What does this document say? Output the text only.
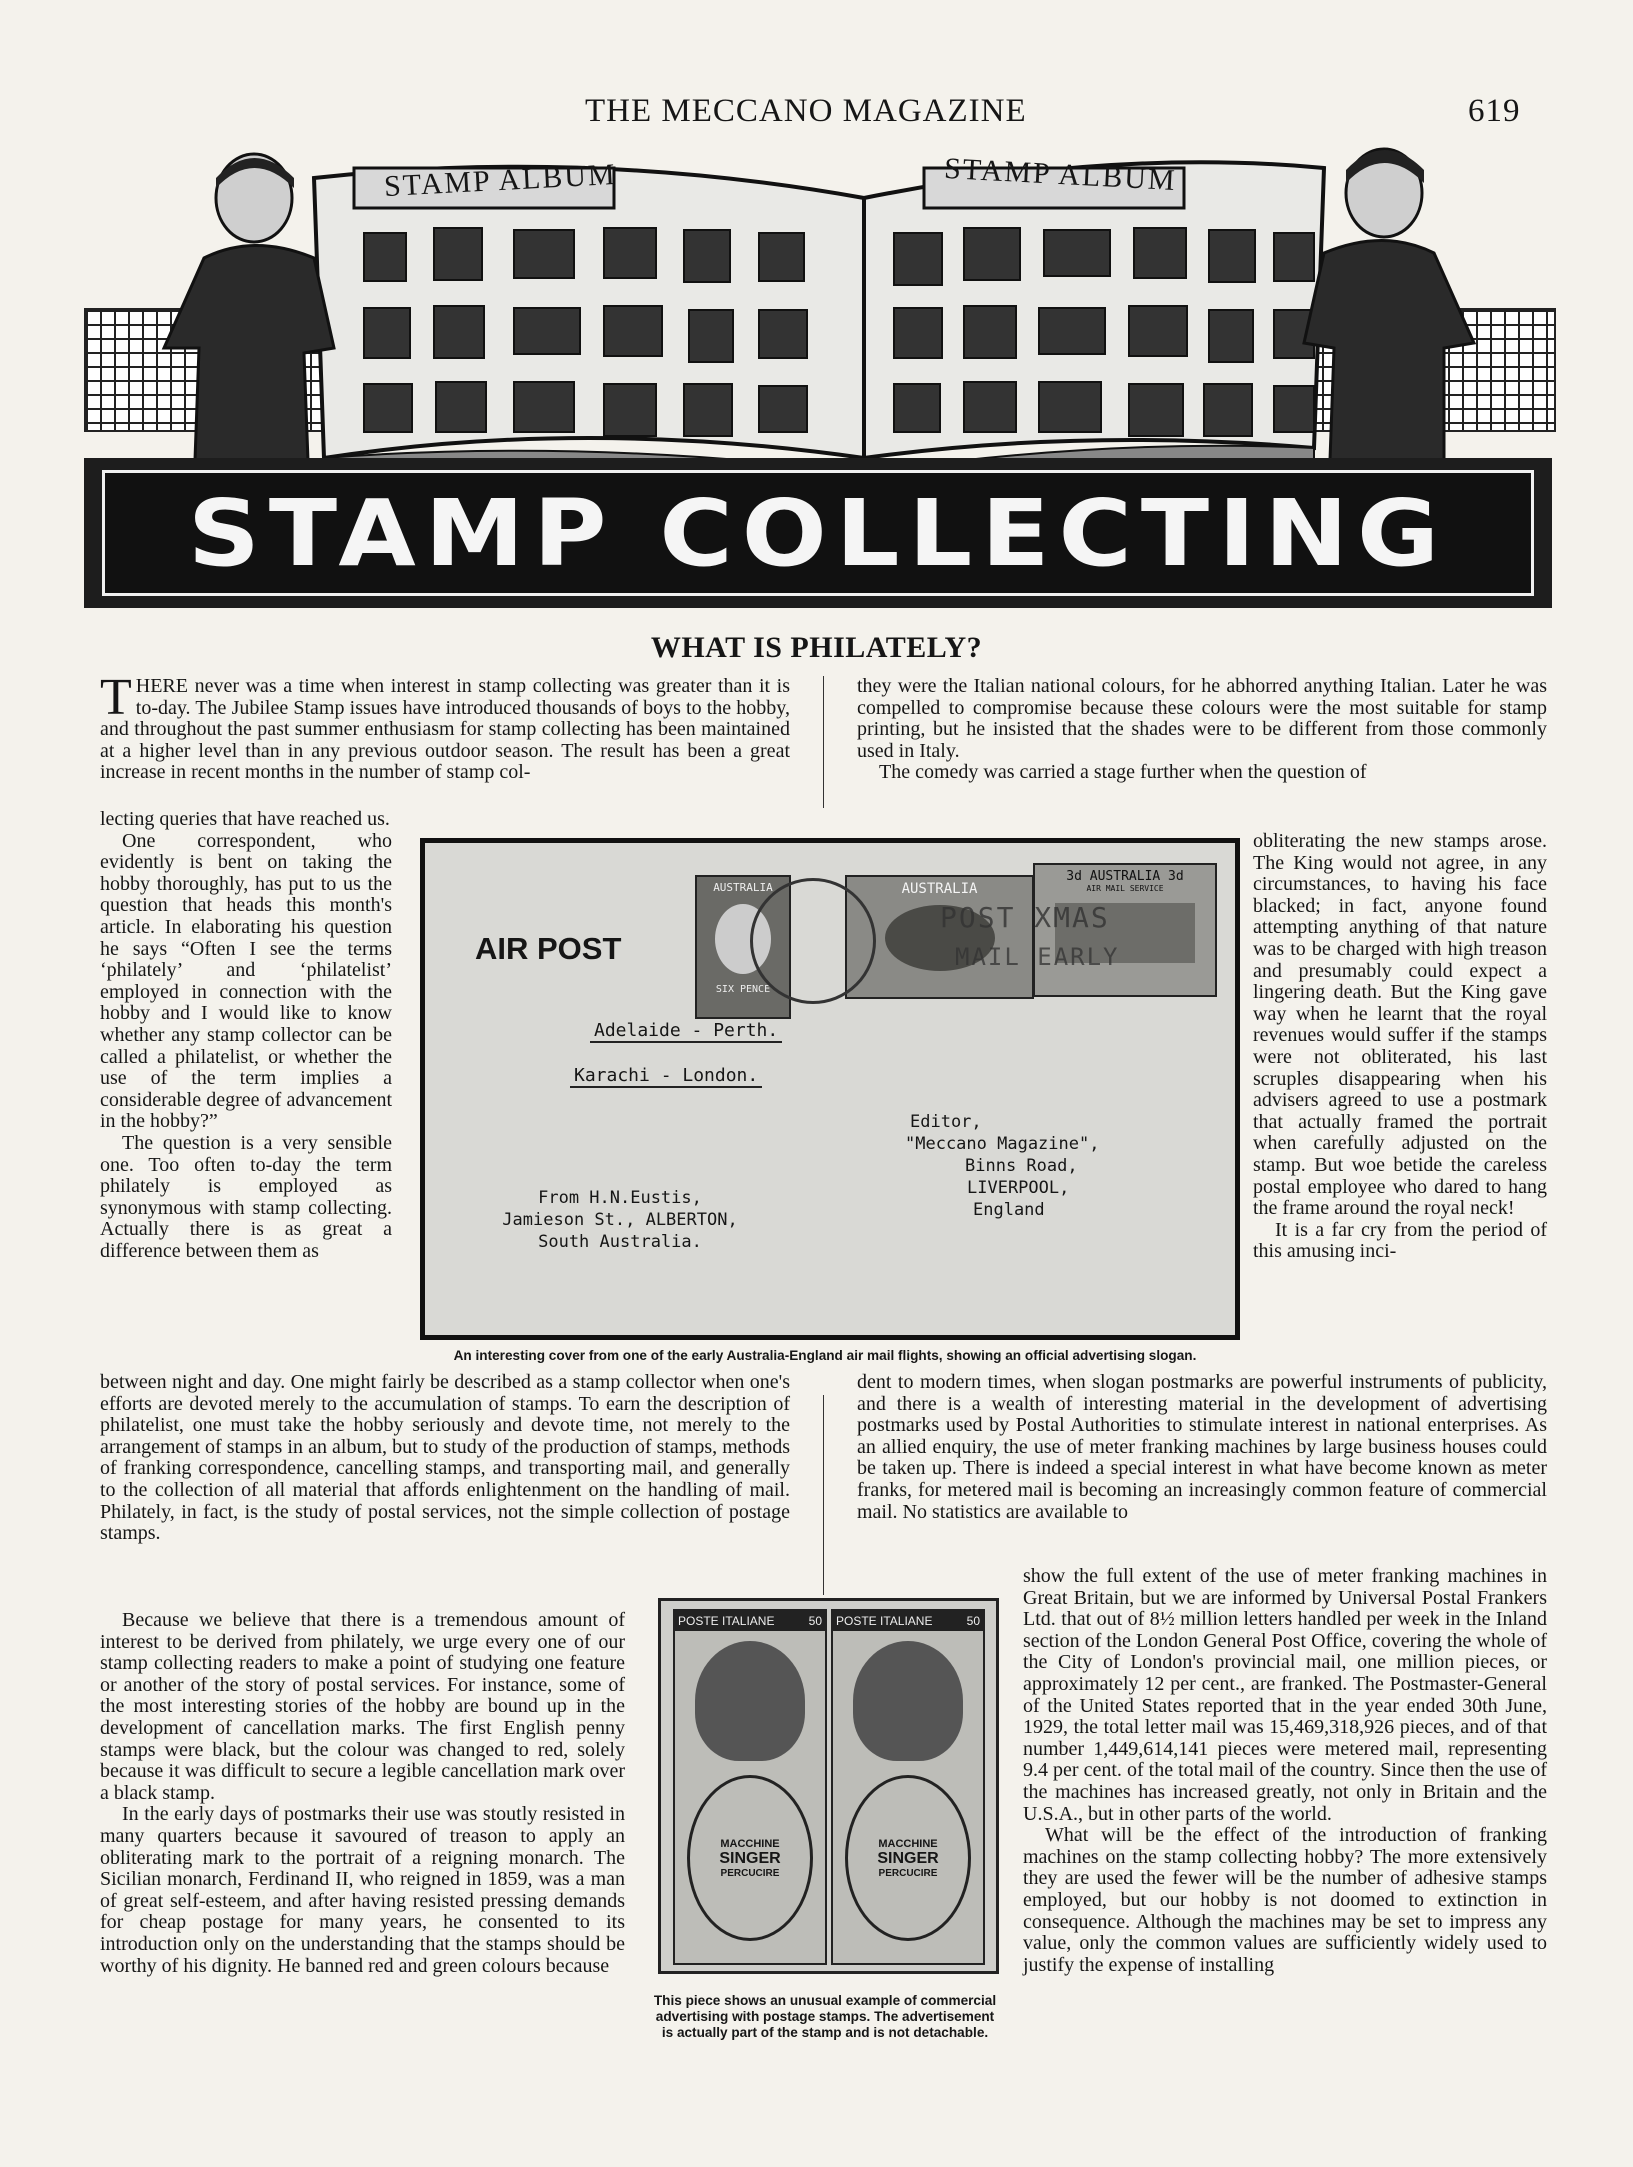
THE MECCANO MAGAZINE	619
STAMP ALBUM	STAMP ALBUM
STAMP COLLECTING
WHAT IS PHILATELY?

THERE never was a time when interest in stamp collecting was greater than it is to-day. The Jubilee Stamp issues have introduced thousands of boys to the hobby, and throughout the past summer enthusiasm for stamp collecting has been maintained at a higher level than in any previous outdoor season. The result has been a great increase in recent months in the number of stamp col-

lecting queries that have reached us.

One correspondent, who evidently is bent on taking the hobby thoroughly, has put to us the question that heads this month's article. In elaborating his question he says “Often I see the terms ‘philately’ and ‘philatelist’ employed in connection with the hobby and I would like to know whether any stamp collector can be called a philatelist, or whether the use of the term implies a considerable degree of advancement in the hobby?”

The question is a very sensible one. Too often to-day the term philately is employed as synonymous with stamp collecting. Actually there is as great a difference between them as

between night and day. One might fairly be described as a stamp collector when one's efforts are devoted merely to the accumulation of stamps. To earn the description of philatelist, one must take the hobby seriously and devote time, not merely to the arrangement of stamps in an album, but to study of the production of stamps, methods of franking correspondence, cancelling stamps, and transporting mail, and generally to the collection of all material that affords enlightenment on the handling of mail. Philately, in fact, is the study of postal services, not the simple collection of postage stamps.

Because we believe that there is a tremendous amount of interest to be derived from philately, we urge every one of our stamp collecting readers to make a point of studying one feature or another of the story of postal services. For instance, some of the most interesting stories of the hobby are bound up in the development of cancellation marks. The first English penny stamps were black, but the colour was changed to red, solely because it was difficult to secure a legible cancellation mark over a black stamp.

In the early days of postmarks their use was stoutly resisted in many quarters because it savoured of treason to apply an obliterating mark to the portrait of a reigning monarch. The Sicilian monarch, Ferdinand II, who reigned in 1859, was a man of great self-esteem, and after having resisted pressing demands for cheap postage for many years, he consented to its introduction only on the understanding that the stamps should be worthy of his dignity. He banned red and green colours because

they were the Italian national colours, for he abhorred anything Italian. Later he was compelled to compromise because these colours were the most suitable for stamp printing, but he insisted that the shades were to be different from those commonly used in Italy.

The comedy was carried a stage further when the question of

obliterating the new stamps arose. The King would not agree, in any circumstances, to having his face blacked; in fact, anyone found attempting anything of that nature was to be charged with high treason and presumably could expect a lingering death. But the King gave way when he learnt that the royal revenues would suffer if the stamps were not obliterated, his last scruples disappearing when his advisers agreed to use a postmark that actually framed the portrait when carefully adjusted on the stamp. But woe betide the careless postal employee who dared to hang the frame around the royal neck!

It is a far cry from the period of this amusing inci-

dent to modern times, when slogan postmarks are powerful instruments of publicity, and there is a wealth of interesting material in the development of advertising postmarks used by Postal Authorities to stimulate interest in national enterprises. As an allied enquiry, the use of meter franking machines by large business houses could be taken up. There is indeed a special interest in what have become known as meter franks, for metered mail is becoming an increasingly common feature of commercial mail. No statistics are available to

show the full extent of the use of meter franking machines in Great Britain, but we are informed by Universal Postal Frankers Ltd. that out of 8½ million letters handled per week in the Inland section of the London General Post Office, covering the whole of the City of London's provincial mail, one million pieces, or approximately 12 per cent., are franked. The Postmaster-General of the United States reported that in the year ended 30th June, 1929, the total letter mail was 15,469,318,926 pieces, and of that number 1,449,614,141 pieces were metered mail, representing 9.4 per cent. of the total mail of the country. Since then the use of the machines has increased greatly, not only in Britain and the U.S.A., but in other parts of the world.

What will be the effect of the introduction of franking machines on the stamp collecting hobby? The more extensively they are used the fewer will be the number of adhesive stamps employed, but our hobby is not doomed to extinction in consequence. Although the machines may be set to impress any value, only the common values are sufficiently widely used to justify the expense of installing

AIR POST
AUSTRALIA
SIX PENCE
AUSTRALIA
3d AUSTRALIA 3d
AIR MAIL SERVICE
POST XMAS
MAIL EARLY
Adelaide - Perth.
Karachi - London.
From H.N.Eustis,
Jamieson St., ALBERTON,
South Australia.
Editor,
"Meccano Magazine",
Binns Road,
LIVERPOOL,
England
An interesting cover from one of the early Australia-England air mail flights, showing an official advertising slogan.
POSTE ITALIANE	50
MACCHINE
SINGER
PERCUCIRE
POSTE ITALIANE	50
MACCHINE
SINGER
PERCUCIRE
This piece shows an unusual example of commercial advertising with postage stamps. The advertisement is actually part of the stamp and is not detachable.
